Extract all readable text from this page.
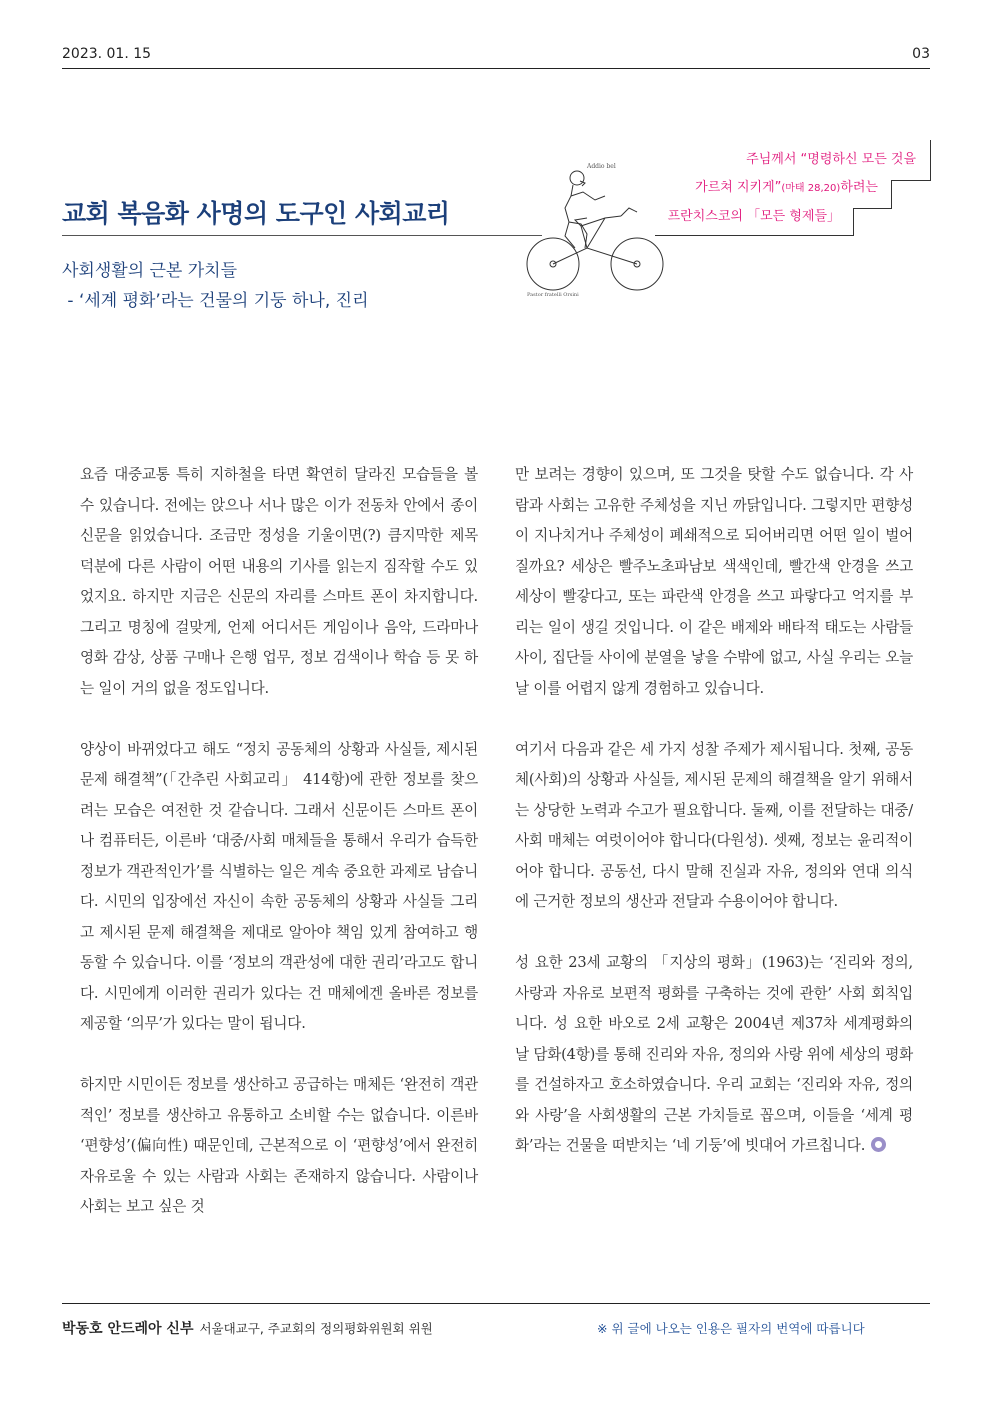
2023. 01. 15	03
교회 복음화 사명의 도구인 사회교리
사회생활의 근본 가치들
- ‘세계 평화’라는 건물의 기둥 하나, 진리
Addio bel
Pastor fratelli Orsini
주님께서 “명령하신 모든 것을
가르쳐 지키게”(마태 28,20)하려는
프란치스코의 「모든 형제들」

요즘 대중교통 특히 지하철을 타면 확연히 달라진 모습들을 볼 수 있습니다. 전에는 앉으나 서나 많은 이가 전동차 안에서 종이신문을 읽었습니다. 조금만 정성을 기울이면(?) 큼지막한 제목 덕분에 다른 사람이 어떤 내용의 기사를 읽는지 짐작할 수도 있었지요. 하지만 지금은 신문의 자리를 스마트 폰이 차지합니다. 그리고 명칭에 걸맞게, 언제 어디서든 게임이나 음악, 드라마나 영화 감상, 상품 구매나 은행 업무, 정보 검색이나 학습 등 못 하는 일이 거의 없을 정도입니다.

양상이 바뀌었다고 해도 “정치 공동체의 상황과 사실들, 제시된 문제 해결책”(「간추린 사회교리」 414항)에 관한 정보를 찾으려는 모습은 여전한 것 같습니다. 그래서 신문이든 스마트 폰이나 컴퓨터든, 이른바 ‘대중/사회 매체들을 통해서 우리가 습득한 정보가 객관적인가’를 식별하는 일은 계속 중요한 과제로 남습니다. 시민의 입장에선 자신이 속한 공동체의 상황과 사실들 그리고 제시된 문제 해결책을 제대로 알아야 책임 있게 참여하고 행동할 수 있습니다. 이를 ‘정보의 객관성에 대한 권리’라고도 합니다. 시민에게 이러한 권리가 있다는 건 매체에겐 올바른 정보를 제공할 ‘의무’가 있다는 말이 됩니다.

하지만 시민이든 정보를 생산하고 공급하는 매체든 ‘완전히 객관적인’ 정보를 생산하고 유통하고 소비할 수는 없습니다. 이른바 ‘편향성’(偏向性) 때문인데, 근본적으로 이 ‘편향성’에서 완전히 자유로울 수 있는 사람과 사회는 존재하지 않습니다. 사람이나 사회는 보고 싶은 것

만 보려는 경향이 있으며, 또 그것을 탓할 수도 없습니다. 각 사람과 사회는 고유한 주체성을 지닌 까닭입니다. 그렇지만 편향성이 지나치거나 주체성이 폐쇄적으로 되어버리면 어떤 일이 벌어질까요? 세상은 빨주노초파남보 색색인데, 빨간색 안경을 쓰고 세상이 빨갛다고, 또는 파란색 안경을 쓰고 파랗다고 억지를 부리는 일이 생길 것입니다. 이 같은 배제와 배타적 태도는 사람들 사이, 집단들 사이에 분열을 낳을 수밖에 없고, 사실 우리는 오늘날 이를 어렵지 않게 경험하고 있습니다.

여기서 다음과 같은 세 가지 성찰 주제가 제시됩니다. 첫째, 공동체(사회)의 상황과 사실들, 제시된 문제의 해결책을 알기 위해서는 상당한 노력과 수고가 필요합니다. 둘째, 이를 전달하는 대중/사회 매체는 여럿이어야 합니다(다원성). 셋째, 정보는 윤리적이어야 합니다. 공동선, 다시 말해 진실과 자유, 정의와 연대 의식에 근거한 정보의 생산과 전달과 수용이어야 합니다.

성 요한 23세 교황의 「지상의 평화」(1963)는 ‘진리와 정의, 사랑과 자유로 보편적 평화를 구축하는 것에 관한’ 사회 회칙입니다. 성 요한 바오로 2세 교황은 2004년 제37차 세계평화의 날 담화(4항)를 통해 진리와 자유, 정의와 사랑 위에 세상의 평화를 건설하자고 호소하였습니다. 우리 교회는 ‘진리와 자유, 정의와 사랑’을 사회생활의 근본 가치들로 꼽으며, 이들을 ‘세계 평화’라는 건물을 떠받치는 ‘네 기둥’에 빗대어 가르칩니다.

박동호 안드레아 신부 서울대교구, 주교회의 정의평화위원회 위원	※ 위 글에 나오는 인용은 필자의 번역에 따릅니다
